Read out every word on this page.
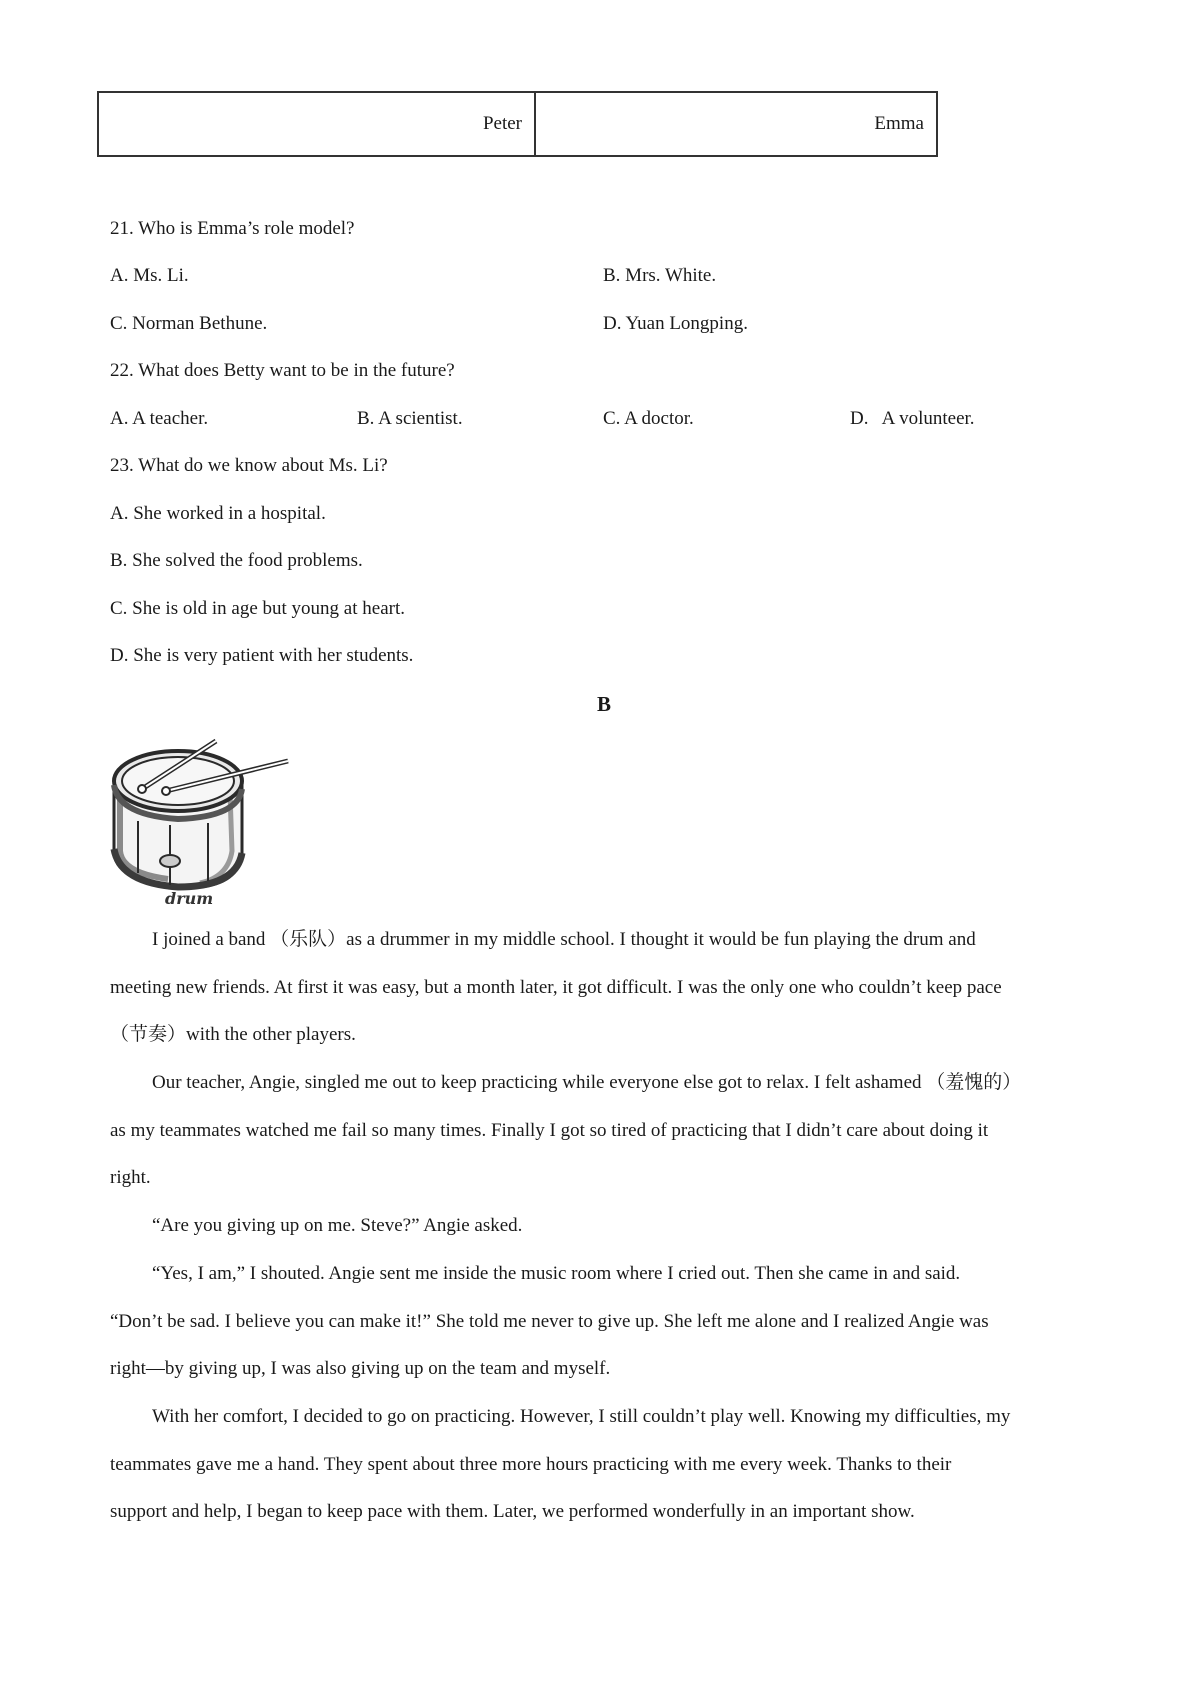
Peter	Emma
21. Who is Emma’s role model?
A. Ms. Li.	B. Mrs. White.
C. Norman Bethune.	D. Yuan Longping.
22. What does Betty want to be in the future?
A. A teacher.	B. A scientist.	C. A doctor.	D.   A volunteer.
23. What do we know about Ms. Li?
A. She worked in a hospital.
B. She solved the food problems.
C. She is old in age but young at heart.
D. She is very patient with her students.
B
drum
I joined a band （乐队）as a drummer in my middle school. I thought it would be fun playing the drum and
meeting new friends. At first it was easy, but a month later, it got difficult. I was the only one who couldn’t keep pace
（节奏）with the other players.
Our teacher, Angie, singled me out to keep practicing while everyone else got to relax. I felt ashamed （羞愧的）
as my teammates watched me fail so many times. Finally I got so tired of practicing that I didn’t care about doing it
right.
“Are you giving up on me. Steve?” Angie asked.
“Yes, I am,” I shouted. Angie sent me inside the music room where I cried out. Then she came in and said.
“Don’t be sad. I believe you can make it!” She told me never to give up. She left me alone and I realized Angie was
right—by giving up, I was also giving up on the team and myself.
With her comfort, I decided to go on practicing. However, I still couldn’t play well. Knowing my difficulties, my
teammates gave me a hand. They spent about three more hours practicing with me every week. Thanks to their
support and help, I began to keep pace with them. Later, we performed wonderfully in an important show.
